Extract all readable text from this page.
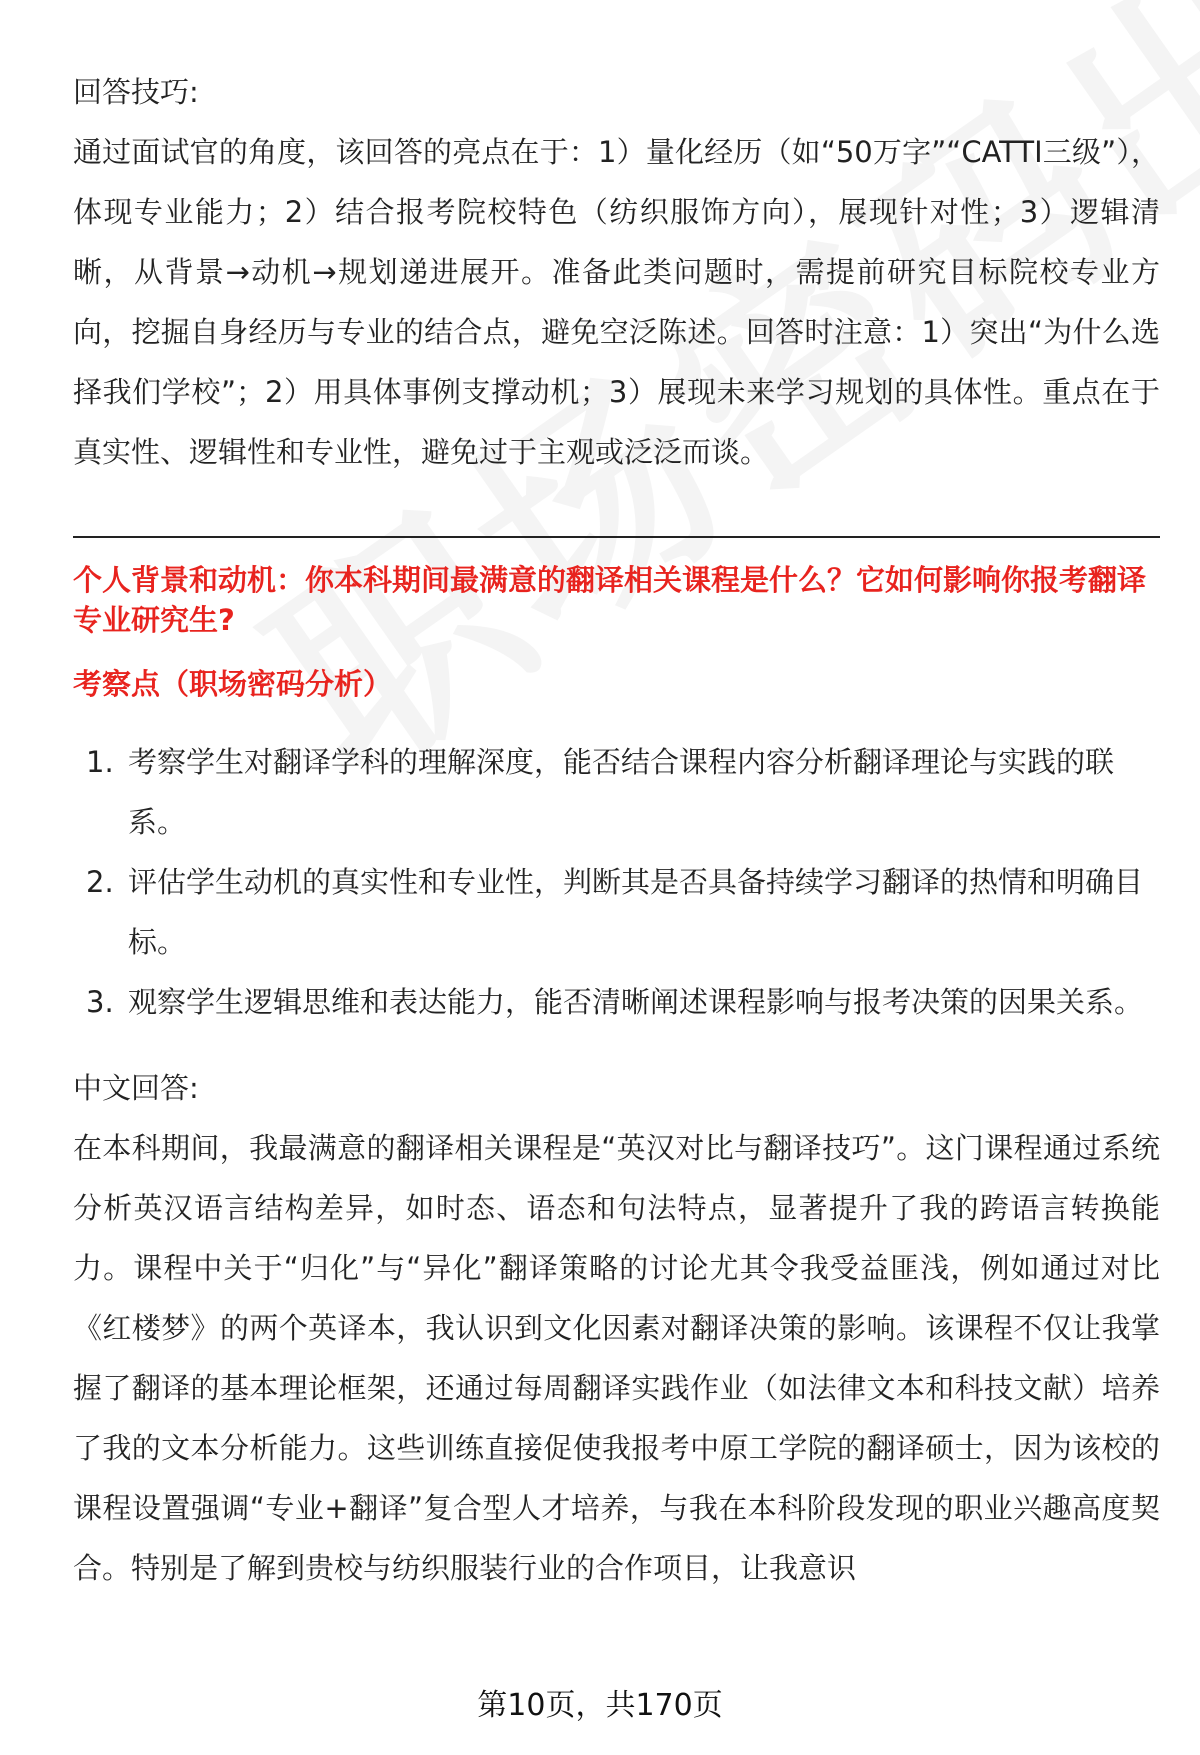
回答技巧:

通过面试官的角度，该回答的亮点在于：1）量化经历（如“50万字”“CATTI三级”），体现专业能力；2）结合报考院校特色（纺织服饰方向），展现针对性；3）逻辑清晰，从背景→动机→规划递进展开。准备此类问题时，需提前研究目标院校专业方向，挖掘自身经历与专业的结合点，避免空泛陈述。回答时注意：1）突出“为什么选择我们学校”；2）用具体事例支撑动机；3）展现未来学习规划的具体性。重点在于真实性、逻辑性和专业性，避免过于主观或泛泛而谈。

个人背景和动机：你本科期间最满意的翻译相关课程是什么？它如何影响你报考翻译专业研究生?

考察点（职场密码分析）

1. 考察学生对翻译学科的理解深度，能否结合课程内容分析翻译理论与实践的联系。
2. 评估学生动机的真实性和专业性，判断其是否具备持续学习翻译的热情和明确目标。
3. 观察学生逻辑思维和表达能力，能否清晰阐述课程影响与报考决策的因果关系。

中文回答:

在本科期间，我最满意的翻译相关课程是“英汉对比与翻译技巧”。这门课程通过系统分析英汉语言结构差异，如时态、语态和句法特点，显著提升了我的跨语言转换能力。课程中关于“归化”与“异化”翻译策略的讨论尤其令我受益匪浅，例如通过对比《红楼梦》的两个英译本，我认识到文化因素对翻译决策的影响。该课程不仅让我掌握了翻译的基本理论框架，还通过每周翻译实践作业（如法律文本和科技文献）培养了我的文本分析能力。这些训练直接促使我报考中原工学院的翻译硕士，因为该校的课程设置强调“专业+翻译”复合型人才培养，与我在本科阶段发现的职业兴趣高度契合。特别是了解到贵校与纺织服装行业的合作项目，让我意识

第10页，共170页
